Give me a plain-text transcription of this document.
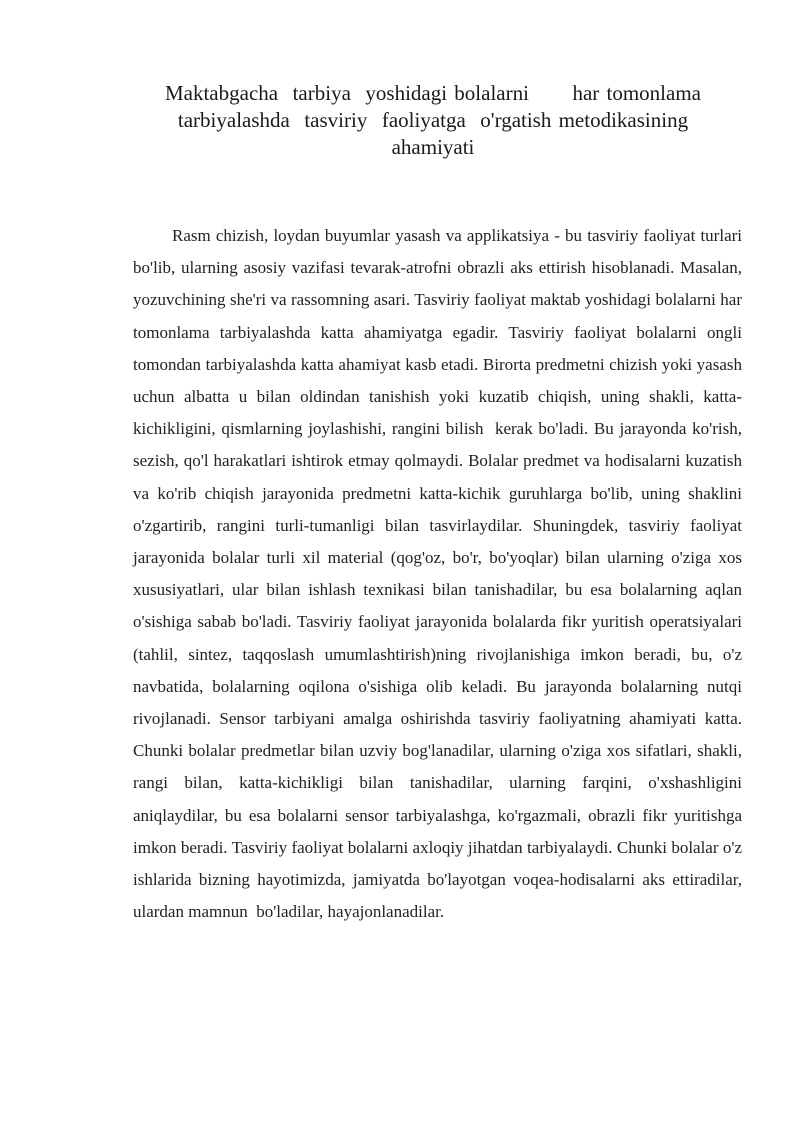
Maktabgacha  tarbiya  yoshidagi bolalarni      har tomonlama  tarbiyalashda  tasviriy  faoliyatga  o'rgatish metodikasining   ahamiyati

Rasm chizish, loydan buyumlar yasash va applikatsiya - bu tasviriy faoliyat turlari bo'lib, ularning asosiy vazifasi tevarak-atrofni obrazli aks ettirish hisoblanadi. Masalan, yozuvchining she'ri va rassomning asari. Tasviriy faoliyat maktab yoshidagi bolalarni har tomonlama tarbiyalashda katta ahamiyatga egadir. Tasviriy faoliyat bolalarni ongli tomondan tarbiyalashda katta ahamiyat kasb etadi. Birorta predmetni chizish yoki yasash uchun albatta u bilan oldindan tanishish yoki kuzatib chiqish, uning shakli, katta-kichikligini, qismlarning joylashishi, rangini bilish  kerak bo'ladi. Bu jarayonda ko'rish, sezish, qo'l harakatlari ishtirok etmay qolmaydi. Bolalar predmet va hodisalarni kuzatish va ko'rib chiqish jarayonida predmetni katta-kichik guruhlarga bo'lib, uning shaklini o'zgartirib, rangini turli-tumanligi bilan tasvirlaydilar. Shuningdek, tasviriy faoliyat jarayonida bolalar turli xil material (qog'oz, bo'r, bo'yoqlar) bilan ularning o'ziga xos xususiyatlari, ular bilan ishlash texnikasi bilan tanishadilar, bu esa bolalarning aqlan o'sishiga sabab bo'ladi. Tasviriy faoliyat jarayonida bolalarda fikr yuritish operatsiyalari (tahlil, sintez, taqqoslash umumlashtirish)ning rivojlanishiga imkon beradi, bu, o'z navbatida, bolalarning oqilona o'sishiga olib keladi. Bu jarayonda bolalarning nutqi rivojlanadi. Sensor tarbiyani amalga oshirishda tasviriy faoliyatning ahamiyati katta. Chunki bolalar predmetlar bilan uzviy bog'lanadilar, ularning o'ziga xos sifatlari, shakli, rangi bilan, katta-kichikligi bilan tanishadilar, ularning farqini, o'xshashligini aniqlaydilar, bu esa bolalarni sensor tarbiyalashga, ko'rgazmali, obrazli fikr yuritishga imkon beradi. Tasviriy faoliyat bolalarni axloqiy jihatdan tarbiyalaydi. Chunki bolalar o'z ishlarida bizning hayotimizda, jamiyatda bo'layotgan voqea-hodisalarni aks ettiradilar, ulardan mamnun  bo'ladilar, hayajonlanadilar.
